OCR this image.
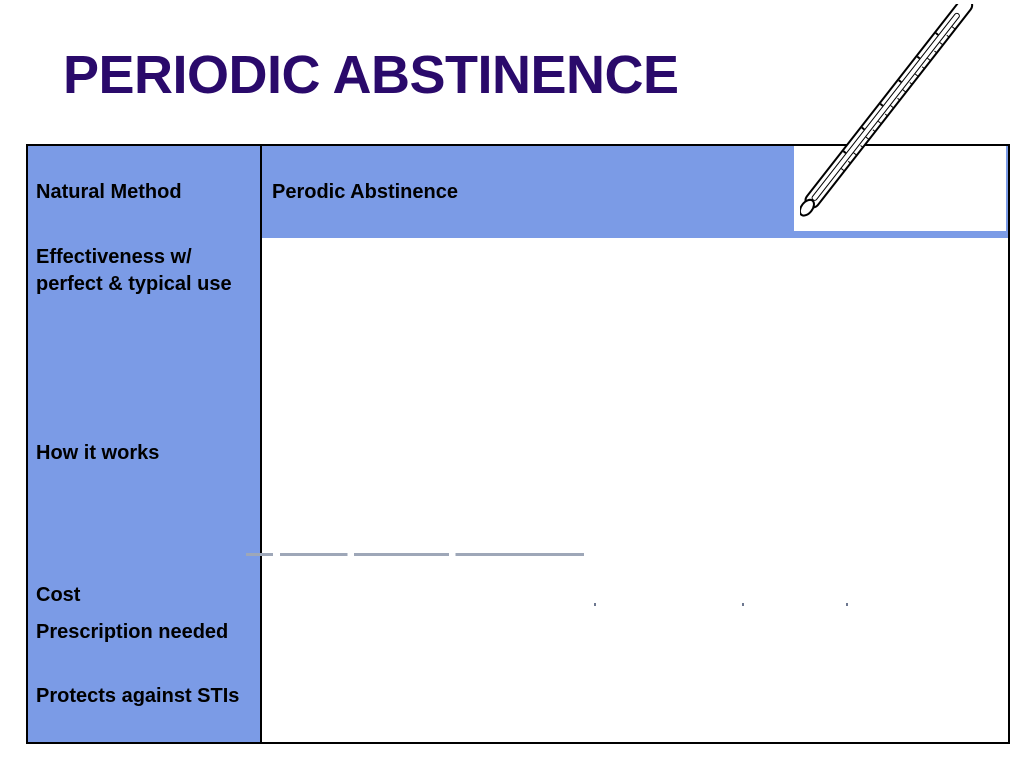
PERIODIC ABSTINENCE
Natural Method	Perodic Abstinence
Effectiveness w/ perfect & typical use
How it works
Cost
Prescription needed
Protects against STIs
